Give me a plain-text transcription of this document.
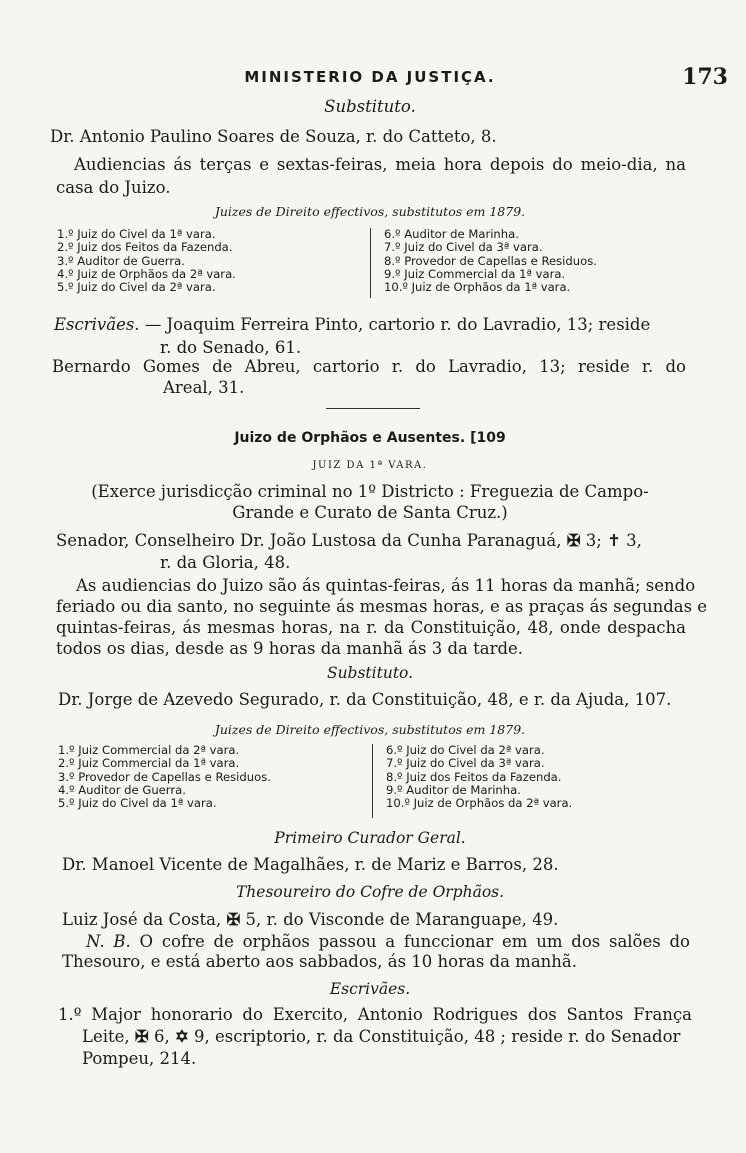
MINISTERIO DA JUSTIÇA.	173
Substituto.
Dr. Antonio Paulino Soares de Souza, r. do Catteto, 8.
Audiencias ás terças e sextas-feiras, meia hora depois do meio-dia, na
casa do Juizo.
Juizes de Direito effectivos, substitutos em 1879.
1.º Juiz do Civel da 1ª vara.
2.º Juiz dos Feitos da Fazenda.
3.º Auditor de Guerra.
4.º Juiz de Orphãos da 2ª vara.
5.º Juiz do Civel da 2ª vara.
6.º Auditor de Marinha.
7.º Juiz do Civel da 3ª vara.
8.º Provedor de Capellas e Residuos.
9.º Juiz Commercial da 1ª vara.
10.º Juiz de Orphãos da 1ª vara.
Escrivães. — Joaquim Ferreira Pinto, cartorio r. do Lavradio, 13; reside
r. do Senado, 61.
Bernardo Gomes de Abreu, cartorio r. do Lavradio, 13; reside r. do
Areal, 31.
Juizo de Orphãos e Ausentes. [109
JUIZ DA 1ª VARA.
(Exerce jurisdicção criminal no 1º Districto : Freguezia de Campo-
Grande e Curato de Santa Cruz.)
Senador, Conselheiro Dr. João Lustosa da Cunha Paranaguá, ✠ 3; ✝ 3,
r. da Gloria, 48.
As audiencias do Juizo são ás quintas-feiras, ás 11 horas da manhã; sendo
feriado ou dia santo, no seguinte ás mesmas horas, e as praças ás segundas e
quintas-feiras, ás mesmas horas, na r. da Constituição, 48, onde despacha
todos os dias, desde as 9 horas da manhã ás 3 da tarde.
Substituto.
Dr. Jorge de Azevedo Segurado, r. da Constituição, 48, e r. da Ajuda, 107.
Juizes de Direito effectivos, substitutos em 1879.
1.º Juiz Commercial da 2ª vara.
2.º Juiz Commercial da 1ª vara.
3.º Provedor de Capellas e Residuos.
4.º Auditor de Guerra.
5.º Juiz do Civel da 1ª vara.
6.º Juiz do Civel da 2ª vara.
7.º Juiz do Civel da 3ª vara.
8.º Juiz dos Feitos da Fazenda.
9.º Auditor de Marinha.
10.º Juiz de Orphãos da 2ª vara.
Primeiro Curador Geral.
Dr. Manoel Vicente de Magalhães, r. de Mariz e Barros, 28.
Thesoureiro do Cofre de Orphãos.
Luiz José da Costa, ✠ 5, r. do Visconde de Maranguape, 49.
N. B. O cofre de orphãos passou a funccionar em um dos salões do
Thesouro, e está aberto aos sabbados, ás 10 horas da manhã.
Escrivães.
1.º Major honorario do Exercito, Antonio Rodrigues dos Santos França
Leite, ✠ 6, ✡ 9, escriptorio, r. da Constituição, 48 ; reside r. do Senador
Pompeu, 214.
